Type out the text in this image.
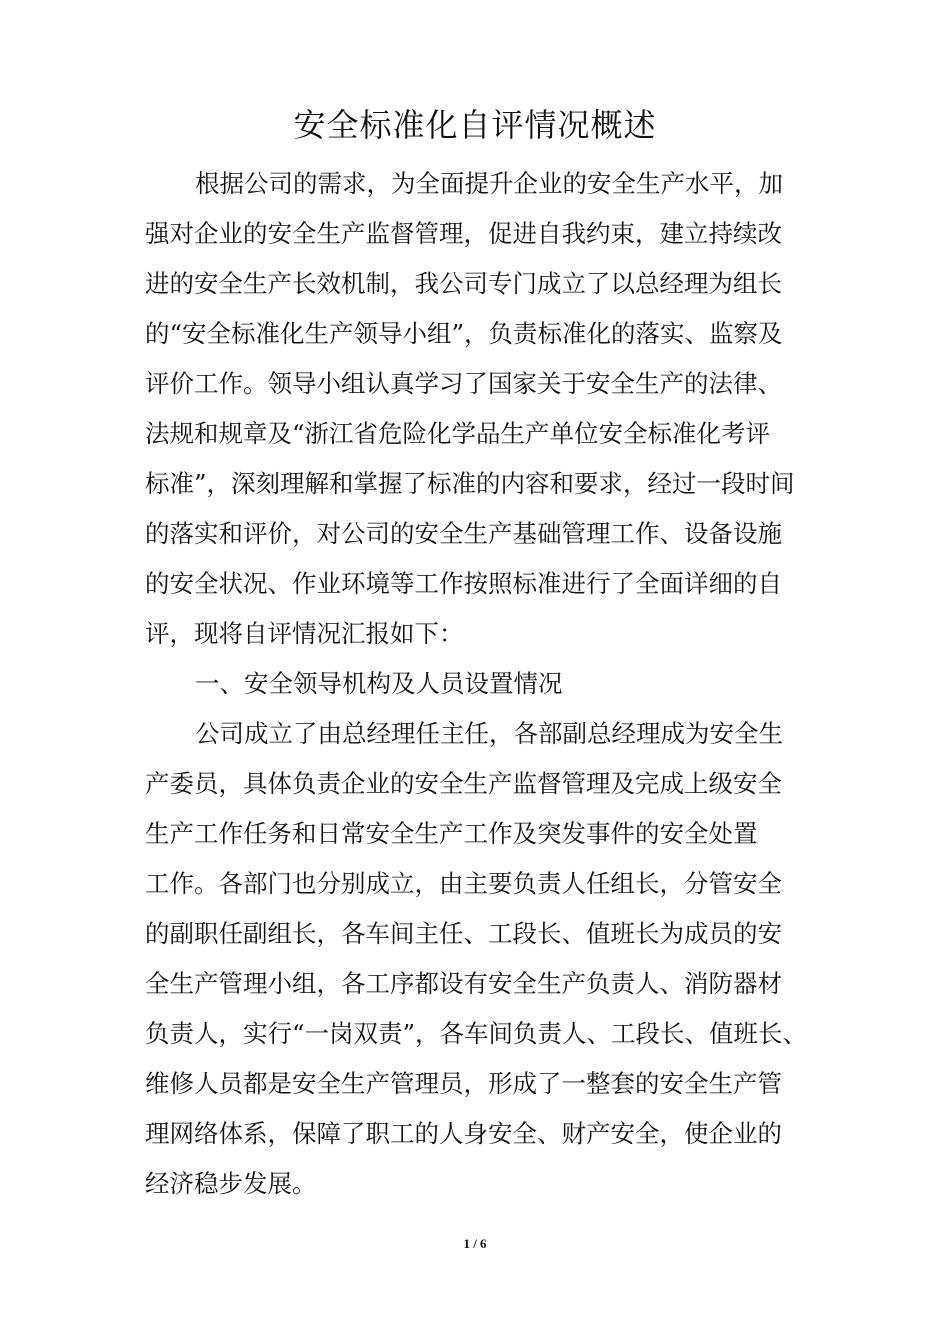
安全标准化自评情况概述
根据公司的需求，为全面提升企业的安全生产水平，加
强对企业的安全生产监督管理，促进自我约束，建立持续改
进的安全生产长效机制，我公司专门成立了以总经理为组长
的“安全标准化生产领导小组”，负责标准化的落实、监察及
评价工作。领导小组认真学习了国家关于安全生产的法律、
法规和规章及“浙江省危险化学品生产单位安全标准化考评
标准”，深刻理解和掌握了标准的内容和要求，经过一段时间
的落实和评价，对公司的安全生产基础管理工作、设备设施
的安全状况、作业环境等工作按照标准进行了全面详细的自
评，现将自评情况汇报如下：
一、安全领导机构及人员设置情况
公司成立了由总经理任主任，各部副总经理成为安全生
产委员，具体负责企业的安全生产监督管理及完成上级安全
生产工作任务和日常安全生产工作及突发事件的安全处置
工作。各部门也分别成立，由主要负责人任组长，分管安全
的副职任副组长，各车间主任、工段长、值班长为成员的安
全生产管理小组，各工序都设有安全生产负责人、消防器材
负责人，实行“一岗双责”，各车间负责人、工段长、值班长、
维修人员都是安全生产管理员，形成了一整套的安全生产管
理网络体系，保障了职工的人身安全、财产安全，使企业的
经济稳步发展。
1 / 6
